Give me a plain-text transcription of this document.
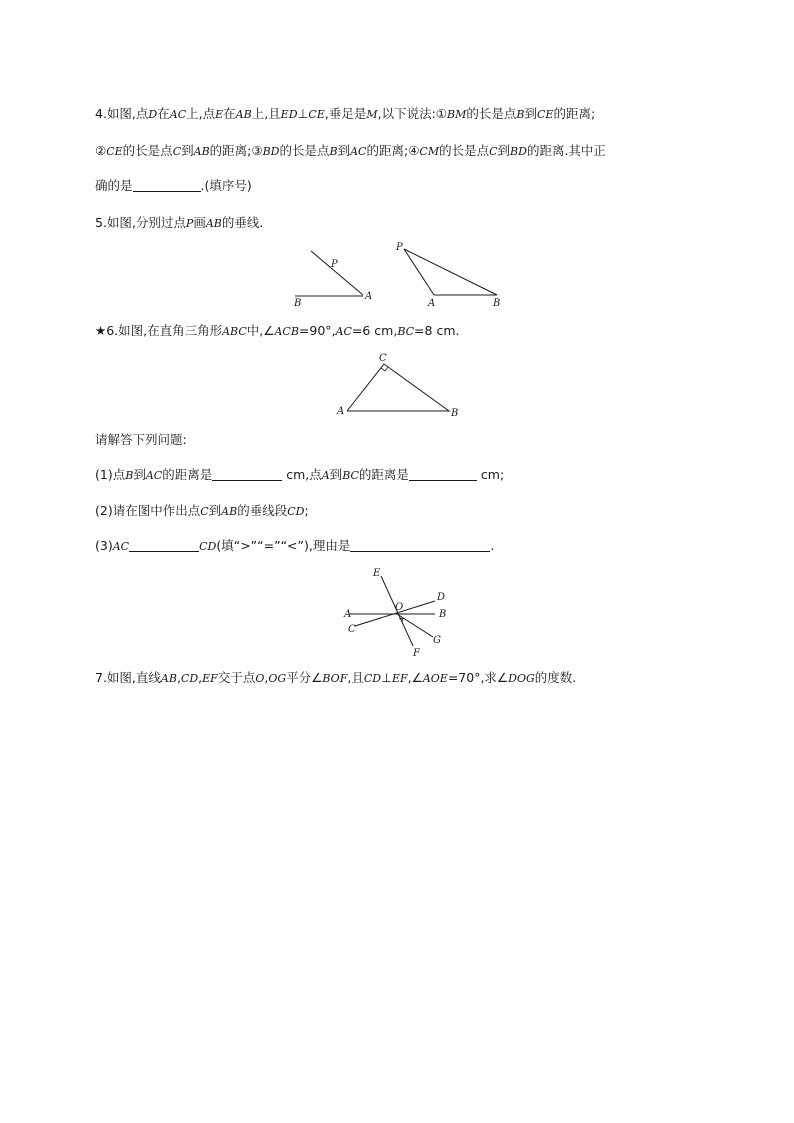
4.如图,点D在AC上,点E在AB上,且ED⊥CE,垂足是M,以下说法:①BM的长是点B到CE的距离;
②CE的长是点C到AB的距离;③BD的长是点B到AC的距离;④CM的长是点C到BD的距离.其中正
确的是	.(填序号)
5.如图,分别过点P画AB的垂线.
P
A
B
P
A	B
★6.如图,在直角三角形ABC中,∠ACB=90°,AC=6 cm,BC=8 cm.
C
A	B
请解答下列问题:
(1)点B到AC的距离是	cm,点A到BC的距离是	cm;
(2)请在图中作出点C到AB的垂线段CD;
(3)AC	CD(填“>”“=”“<”),理由是	.
E
D
A
O
B
C
G
F
7.如图,直线AB,CD,EF交于点O,OG平分∠BOF,且CD⊥EF,∠AOE=70°,求∠DOG的度数.
